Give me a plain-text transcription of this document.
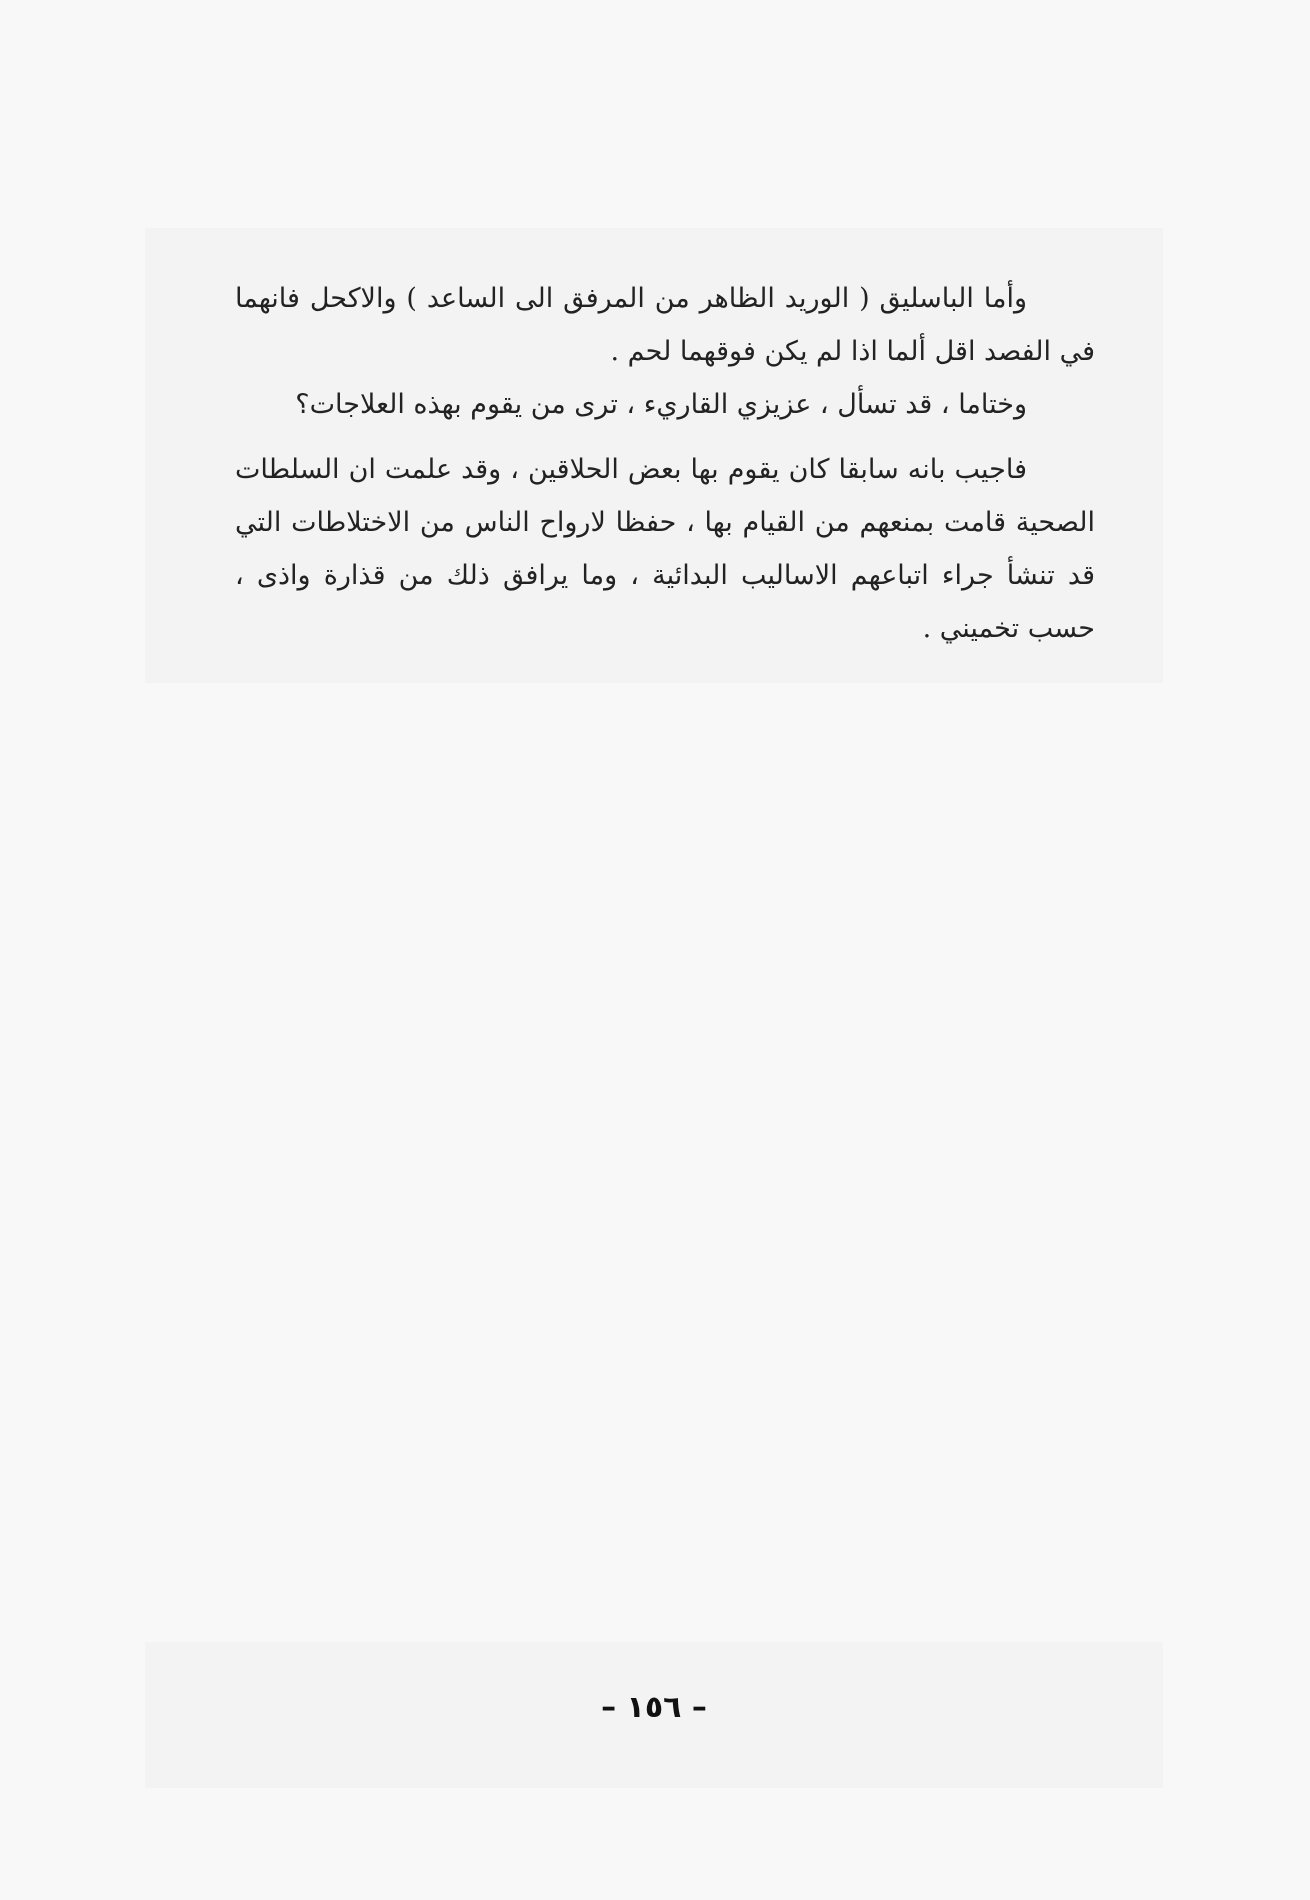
وأما الباسليق ( الوريد الظاهر من المرفق الى الساعد ) والاكحل فانهما في الفصد اقل ألما اذا لم يكن فوقهما لحم .

وختاما ، قد تسأل ، عزيزي القاريء ، ترى من يقوم بهذه العلاجات؟

فاجيب بانه سابقا كان يقوم بها بعض الحلاقين ، وقد علمت ان السلطات الصحية قامت بمنعهم من القيام بها ، حفظا لارواح الناس من الاختلاطات التي قد تنشأ جراء اتباعهم الاساليب البدائية ، وما يرافق ذلك من قذارة واذى ، حسب تخميني .

– ١٥٦ –
